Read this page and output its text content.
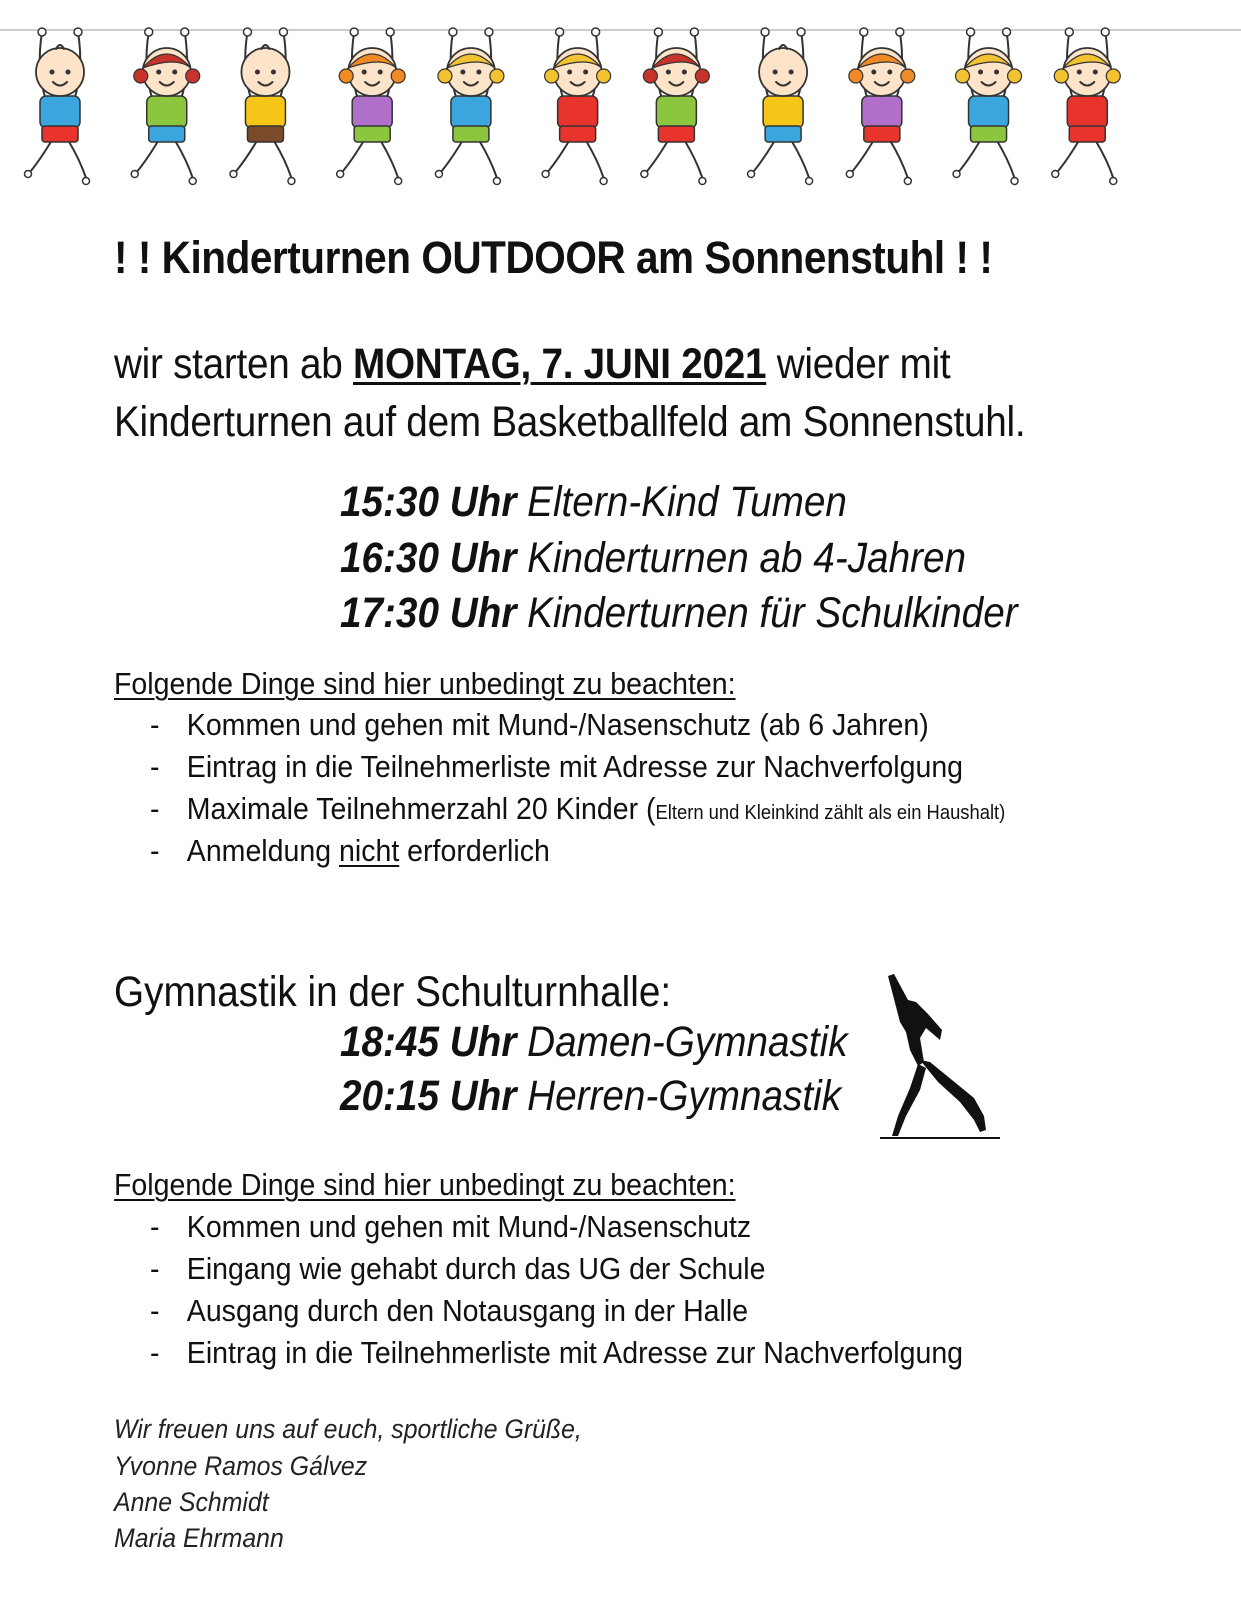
! ! Kinderturnen OUTDOOR am Sonnenstuhl ! !
wir starten ab MONTAG, 7. JUNI 2021 wieder mit
Kinderturnen auf dem Basketballfeld am Sonnenstuhl.
15:30 Uhr Eltern-Kind Tumen
16:30 Uhr Kinderturnen ab 4-Jahren
17:30 Uhr Kinderturnen für Schulkinder
Folgende Dinge sind hier unbedingt zu beachten:
- Kommen und gehen mit Mund-/Nasenschutz (ab 6 Jahren)
- Eintrag in die Teilnehmerliste mit Adresse zur Nachverfolgung
- Maximale Teilnehmerzahl 20 Kinder (Eltern und Kleinkind zählt als ein Haushalt)
- Anmeldung nicht erforderlich
Gymnastik in der Schulturnhalle:
18:45 Uhr Damen-Gymnastik
20:15 Uhr Herren-Gymnastik
Folgende Dinge sind hier unbedingt zu beachten:
- Kommen und gehen mit Mund-/Nasenschutz
- Eingang wie gehabt durch das UG der Schule
- Ausgang durch den Notausgang in der Halle
- Eintrag in die Teilnehmerliste mit Adresse zur Nachverfolgung
Wir freuen uns auf euch, sportliche Grüße,
Yvonne Ramos Gálvez
Anne Schmidt
Maria Ehrmann
